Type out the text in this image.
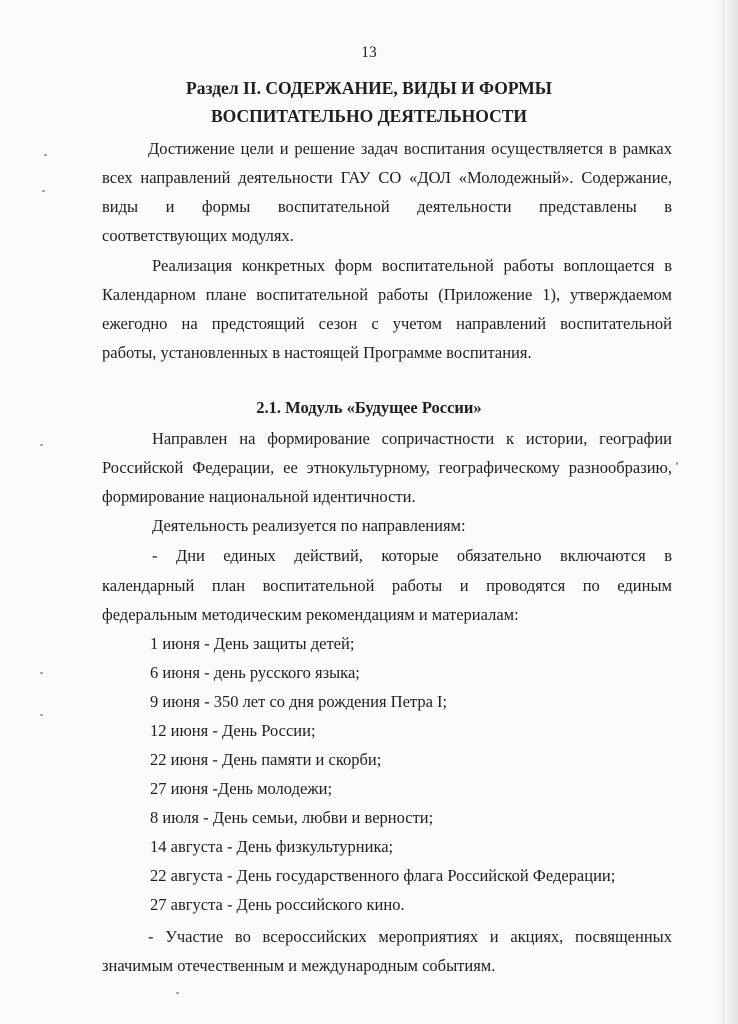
13
Раздел II. СОДЕРЖАНИЕ, ВИДЫ И ФОРМЫ
ВОСПИТАТЕЛЬНО ДЕЯТЕЛЬНОСТИ
Достижение цели и решение задач воспитания осуществляется в рамках
всех направлений деятельности ГАУ СО «ДОЛ «Молодежный». Содержание,
виды и формы воспитательной деятельности представлены в
соответствующих модулях.
Реализация конкретных форм воспитательной работы воплощается в
Календарном плане воспитательной работы (Приложение 1), утверждаемом
ежегодно на предстоящий сезон с учетом направлений воспитательной
работы, установленных в настоящей Программе воспитания.
2.1. Модуль «Будущее России»
Направлен на формирование сопричастности к истории, географии
Российской Федерации, ее этнокультурному, географическому разнообразию,
формирование национальной идентичности.
Деятельность реализуется по направлениям:
- Дни единых действий, которые обязательно включаются в
календарный план воспитательной работы и проводятся по единым
федеральным методическим рекомендациям и материалам:
1 июня - День защиты детей;
6 июня - день русского языка;
9 июня - 350 лет со дня рождения Петра I;
12 июня - День России;
22 июня - День памяти и скорби;
27 июня -День молодежи;
8 июля - День семьи, любви и верности;
14 августа - День физкультурника;
22 августа - День государственного флага Российской Федерации;
27 августа - День российского кино.
- Участие во всероссийских мероприятиях и акциях, посвященных
значимым отечественным и международным событиям.
